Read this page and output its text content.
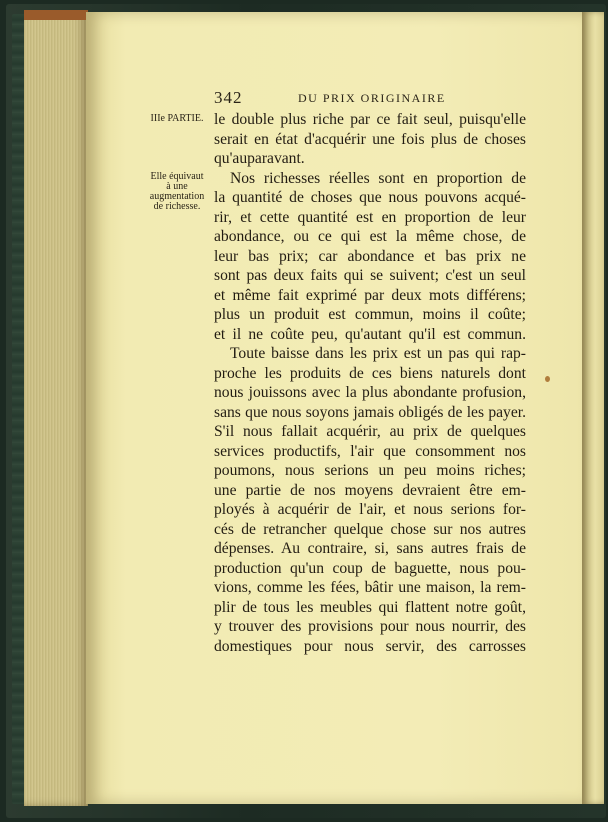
342	DU PRIX ORIGINAIRE
IIIe PARTIE.
Elle équivaut
à une
augmentation
de richesse.
le double plus riche par ce fait seul, puisqu'elle
serait en état d'acquérir une fois plus de choses
qu'auparavant.
Nos richesses réelles sont en proportion de
la quantité de choses que nous pouvons acqué-
rir, et cette quantité est en proportion de leur
abondance, ou ce qui est la même chose, de
leur bas prix; car abondance et bas prix ne
sont pas deux faits qui se suivent; c'est un seul
et même fait exprimé par deux mots différens;
plus un produit est commun, moins il coûte;
et il ne coûte peu, qu'autant qu'il est commun.
Toute baisse dans les prix est un pas qui rap-
proche les produits de ces biens naturels dont
nous jouissons avec la plus abondante profusion,
sans que nous soyons jamais obligés de les payer.
S'il nous fallait acquérir, au prix de quelques
services productifs, l'air que consomment nos
poumons, nous serions un peu moins riches;
une partie de nos moyens devraient être em-
ployés à acquérir de l'air, et nous serions for-
cés de retrancher quelque chose sur nos autres
dépenses. Au contraire, si, sans autres frais de
production qu'un coup de baguette, nous pou-
vions, comme les fées, bâtir une maison, la rem-
plir de tous les meubles qui flattent notre goût,
y trouver des provisions pour nous nourrir, des
domestiques pour nous servir, des carrosses
